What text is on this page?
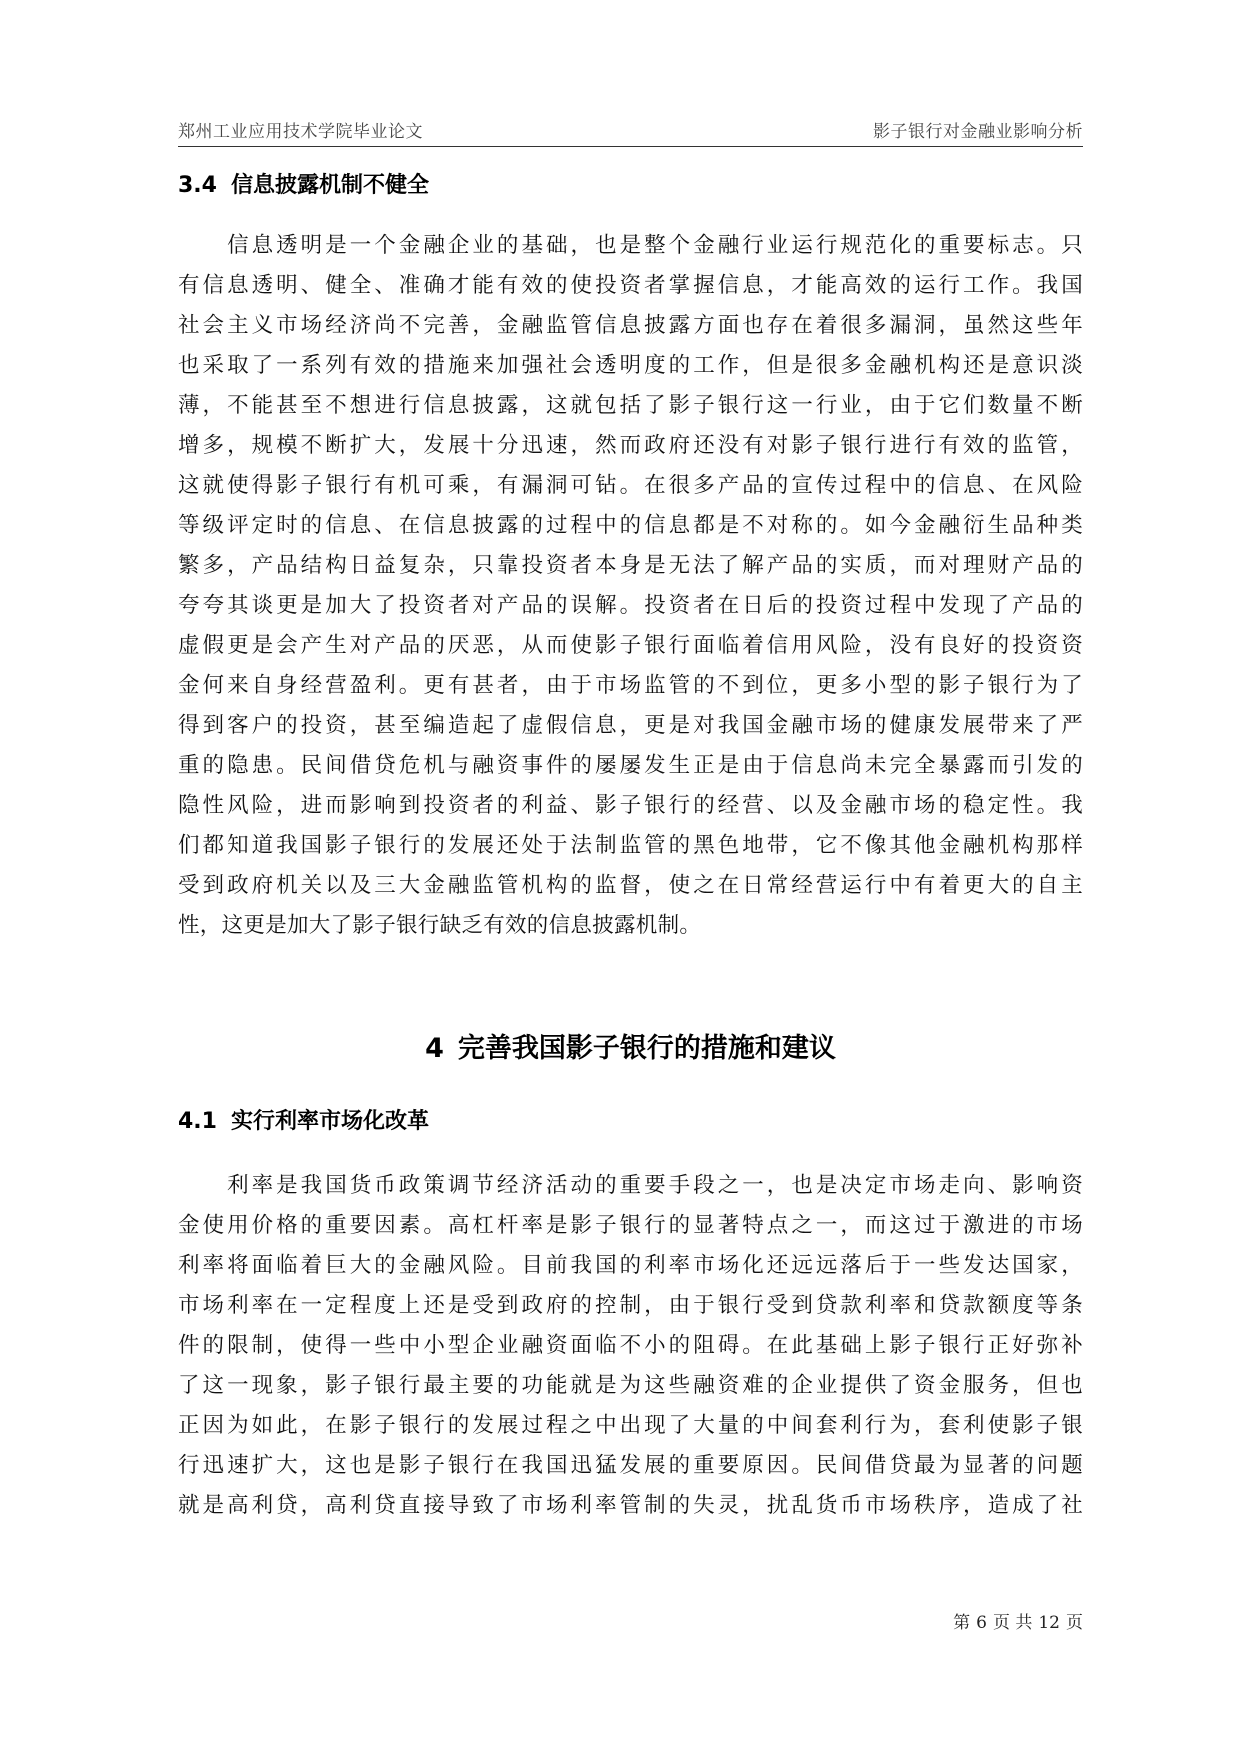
郑州工业应用技术学院毕业论文	影子银行对金融业影响分析
3.4 信息披露机制不健全
　　信息透明是一个金融企业的基础，也是整个金融行业运行规范化的重要标志。只
有信息透明、健全、准确才能有效的使投资者掌握信息，才能高效的运行工作。我国
社会主义市场经济尚不完善，金融监管信息披露方面也存在着很多漏洞，虽然这些年
也采取了一系列有效的措施来加强社会透明度的工作，但是很多金融机构还是意识淡
薄，不能甚至不想进行信息披露，这就包括了影子银行这一行业，由于它们数量不断
增多，规模不断扩大，发展十分迅速，然而政府还没有对影子银行进行有效的监管，
这就使得影子银行有机可乘，有漏洞可钻。在很多产品的宣传过程中的信息、在风险
等级评定时的信息、在信息披露的过程中的信息都是不对称的。如今金融衍生品种类
繁多，产品结构日益复杂，只靠投资者本身是无法了解产品的实质，而对理财产品的
夸夸其谈更是加大了投资者对产品的误解。投资者在日后的投资过程中发现了产品的
虚假更是会产生对产品的厌恶，从而使影子银行面临着信用风险，没有良好的投资资
金何来自身经营盈利。更有甚者，由于市场监管的不到位，更多小型的影子银行为了
得到客户的投资，甚至编造起了虚假信息，更是对我国金融市场的健康发展带来了严
重的隐患。民间借贷危机与融资事件的屡屡发生正是由于信息尚未完全暴露而引发的
隐性风险，进而影响到投资者的利益、影子银行的经营、以及金融市场的稳定性。我
们都知道我国影子银行的发展还处于法制监管的黑色地带，它不像其他金融机构那样
受到政府机关以及三大金融监管机构的监督，使之在日常经营运行中有着更大的自主
性，这更是加大了影子银行缺乏有效的信息披露机制。
4 完善我国影子银行的措施和建议
4.1 实行利率市场化改革
　　利率是我国货币政策调节经济活动的重要手段之一，也是决定市场走向、影响资
金使用价格的重要因素。高杠杆率是影子银行的显著特点之一，而这过于激进的市场
利率将面临着巨大的金融风险。目前我国的利率市场化还远远落后于一些发达国家，
市场利率在一定程度上还是受到政府的控制，由于银行受到贷款利率和贷款额度等条
件的限制，使得一些中小型企业融资面临不小的阻碍。在此基础上影子银行正好弥补
了这一现象，影子银行最主要的功能就是为这些融资难的企业提供了资金服务，但也
正因为如此，在影子银行的发展过程之中出现了大量的中间套利行为，套利使影子银
行迅速扩大，这也是影子银行在我国迅猛发展的重要原因。民间借贷最为显著的问题
就是高利贷，高利贷直接导致了市场利率管制的失灵，扰乱货币市场秩序，造成了社
第 6 页 共 12 页
